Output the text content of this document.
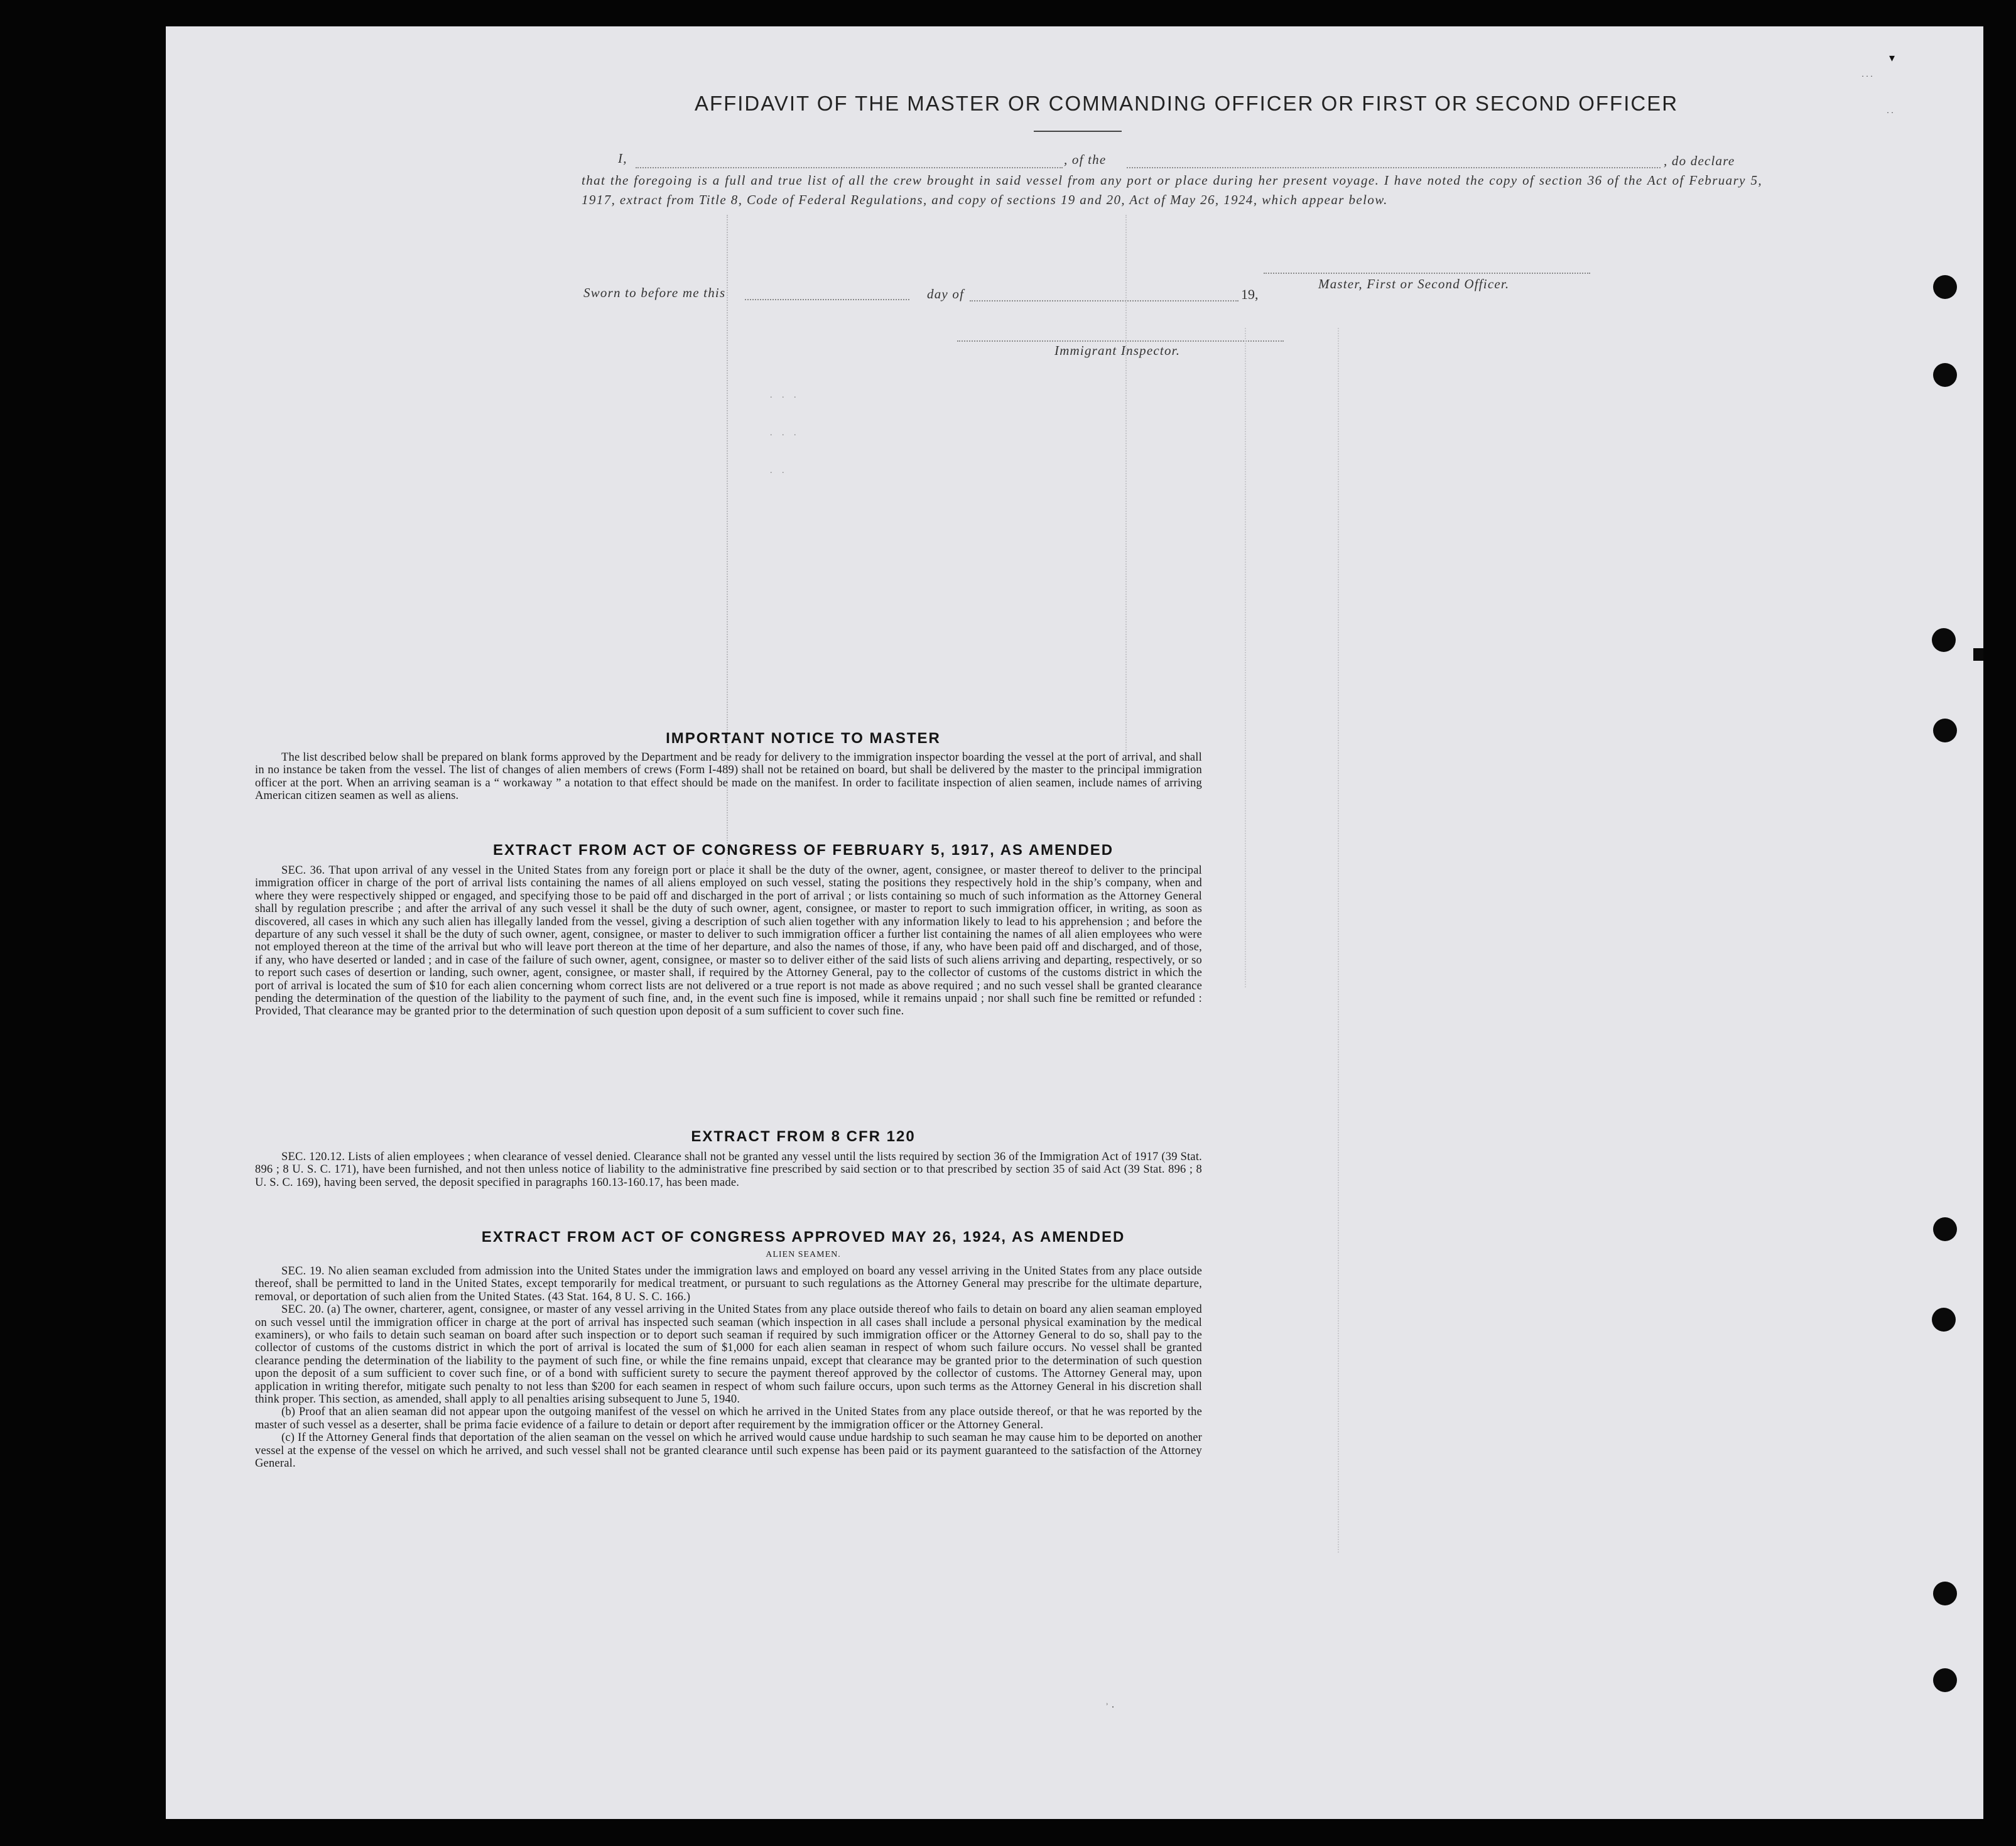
AFFIDAVIT OF THE MASTER OR COMMANDING OFFICER OR FIRST OR SECOND OFFICER
I,	, of the	, do declare
that the foregoing is a full and true list of all the crew brought in said vessel from any port or place during her present voyage. I have noted the copy of section 36 of the Act of February 5, 1917, extract from Title 8, Code of Federal Regulations, and copy of sections 19 and 20, Act of May 26, 1924, which appear below.
Master, First or Second Officer.
Sworn to before me this	day of	19,
Immigrant Inspector.
. . .
. . .
. .
IMPORTANT NOTICE TO MASTER

The list described below shall be prepared on blank forms approved by the Department and be ready for delivery to the immigration inspector boarding the vessel at the port of arrival, and shall in no instance be taken from the vessel. The list of changes of alien members of crews (Form I-489) shall not be retained on board, but shall be delivered by the master to the principal immigration officer at the port. When an arriving seaman is a “ workaway ” a notation to that effect should be made on the manifest. In order to facilitate inspection of alien seamen, include names of arriving American citizen seamen as well as aliens.

EXTRACT FROM ACT OF CONGRESS OF FEBRUARY 5, 1917, AS AMENDED

SEC. 36. That upon arrival of any vessel in the United States from any foreign port or place it shall be the duty of the owner, agent, consignee, or master thereof to deliver to the principal immigration officer in charge of the port of arrival lists containing the names of all aliens employed on such vessel, stating the positions they respectively hold in the ship’s company, when and where they were respectively shipped or engaged, and specifying those to be paid off and discharged in the port of arrival ; or lists containing so much of such information as the Attorney General shall by regulation prescribe ; and after the arrival of any such vessel it shall be the duty of such owner, agent, consignee, or master to report to such immigration officer, in writing, as soon as discovered, all cases in which any such alien has illegally landed from the vessel, giving a description of such alien together with any information likely to lead to his apprehension ; and before the departure of any such vessel it shall be the duty of such owner, agent, consignee, or master to deliver to such immigration officer a further list containing the names of all alien employees who were not employed thereon at the time of the arrival but who will leave port thereon at the time of her departure, and also the names of those, if any, who have been paid off and discharged, and of those, if any, who have deserted or landed ; and in case of the failure of such owner, agent, consignee, or master so to deliver either of the said lists of such aliens arriving and departing, respectively, or so to report such cases of desertion or landing, such owner, agent, consignee, or master shall, if required by the Attorney General, pay to the collector of customs of the customs district in which the port of arrival is located the sum of $10 for each alien concerning whom correct lists are not delivered or a true report is not made as above required ; and no such vessel shall be granted clearance pending the determination of the question of the liability to the payment of such fine, and, in the event such fine is imposed, while it remains unpaid ; nor shall such fine be remitted or refunded : Provided, That clearance may be granted prior to the determination of such question upon deposit of a sum sufficient to cover such fine.

EXTRACT FROM 8 CFR 120

SEC. 120.12. Lists of alien employees ; when clearance of vessel denied. Clearance shall not be granted any vessel until the lists required by section 36 of the Immigration Act of 1917 (39 Stat. 896 ; 8 U. S. C. 171), have been furnished, and not then unless notice of liability to the administrative fine prescribed by said section or to that prescribed by section 35 of said Act (39 Stat. 896 ; 8 U. S. C. 169), having been served, the deposit specified in paragraphs 160.13-160.17, has been made.

EXTRACT FROM ACT OF CONGRESS APPROVED MAY 26, 1924, AS AMENDED
ALIEN SEAMEN.

SEC. 19. No alien seaman excluded from admission into the United States under the immigration laws and employed on board any vessel arriving in the United States from any place outside thereof, shall be permitted to land in the United States, except temporarily for medical treatment, or pursuant to such regulations as the Attorney General may prescribe for the ultimate departure, removal, or deportation of such alien from the United States. (43 Stat. 164, 8 U. S. C. 166.)

SEC. 20. (a) The owner, charterer, agent, consignee, or master of any vessel arriving in the United States from any place outside thereof who fails to detain on board any alien seaman employed on such vessel until the immigration officer in charge at the port of arrival has inspected such seaman (which inspection in all cases shall include a personal physical examination by the medical examiners), or who fails to detain such seaman on board after such inspection or to deport such seaman if required by such immigration officer or the Attorney General to do so, shall pay to the collector of customs of the customs district in which the port of arrival is located the sum of $1,000 for each alien seaman in respect of whom such failure occurs. No vessel shall be granted clearance pending the determination of the liability to the payment of such fine, or while the fine remains unpaid, except that clearance may be granted prior to the determination of such question upon the deposit of a sum sufficient to cover such fine, or of a bond with sufficient surety to secure the payment thereof approved by the collector of customs. The Attorney General may, upon application in writing therefor, mitigate such penalty to not less than $200 for each seamen in respect of whom such failure occurs, upon such terms as the Attorney General in his discretion shall think proper. This section, as amended, shall apply to all penalties arising subsequent to June 5, 1940.

(b) Proof that an alien seaman did not appear upon the outgoing manifest of the vessel on which he arrived in the United States from any place outside thereof, or that he was reported by the master of such vessel as a deserter, shall be prima facie evidence of a failure to detain or deport after requirement by the immigration officer or the Attorney General.

(c) If the Attorney General finds that deportation of the alien seaman on the vessel on which he arrived would cause undue hardship to such seaman he may cause him to be deported on another vessel at the expense of the vessel on which he arrived, and such vessel shall not be granted clearance until such expense has been paid or its payment guaranteed to the satisfaction of the Attorney General.

▾
· · ·
· ·
ʾ ·
